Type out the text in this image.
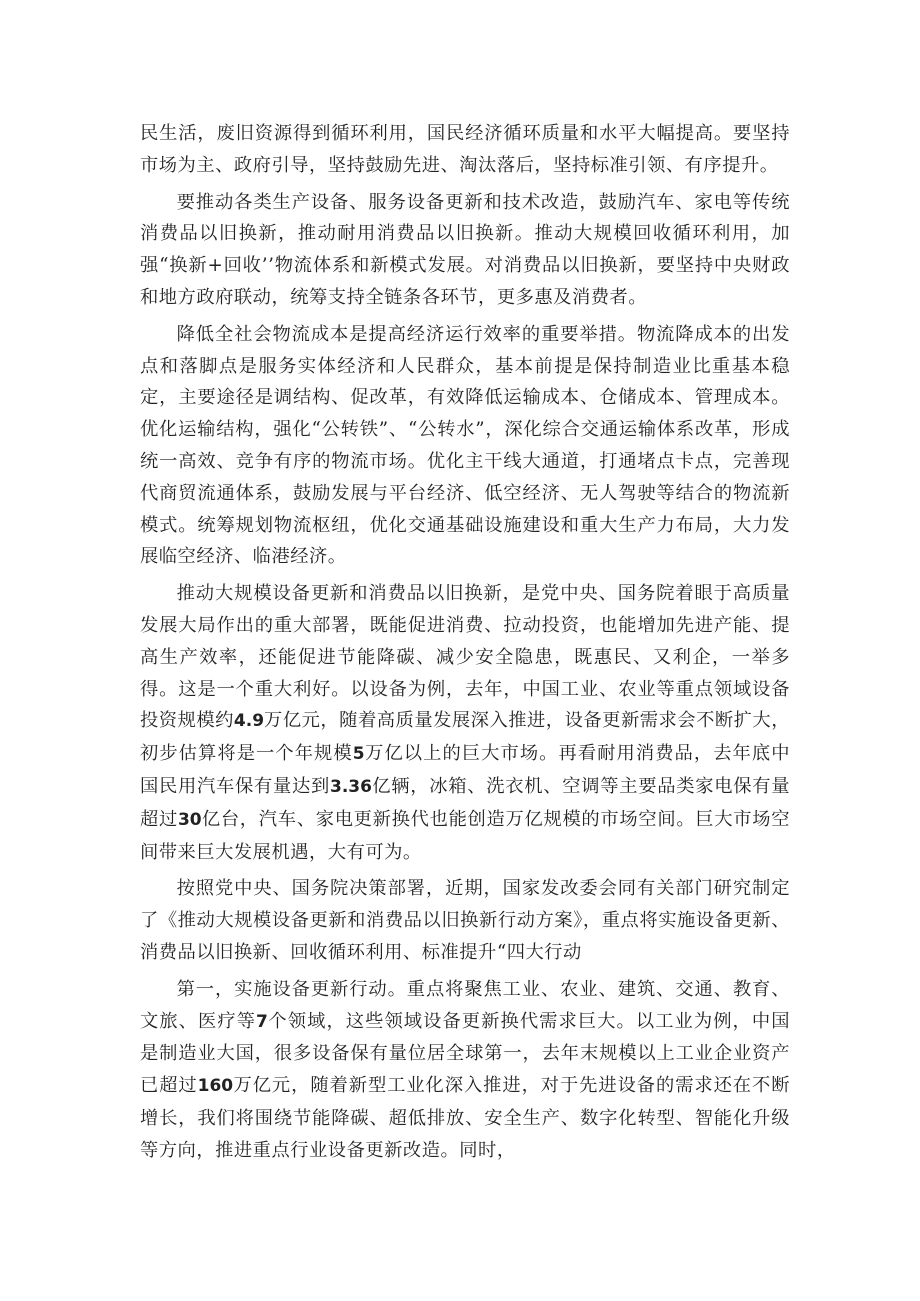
民生活，废旧资源得到循环利用，国民经济循环质量和水平大幅提高。要坚持市场为主、政府引导，坚持鼓励先进、淘汰落后，坚持标准引领、有序提升。

要推动各类生产设备、服务设备更新和技术改造，鼓励汽车、家电等传统消费品以旧换新，推动耐用消费品以旧换新。推动大规模回收循环利用，加强“换新+回收’’物流体系和新模式发展。对消费品以旧换新，要坚持中央财政和地方政府联动，统筹支持全链条各环节，更多惠及消费者。

降低全社会物流成本是提高经济运行效率的重要举措。物流降成本的出发点和落脚点是服务实体经济和人民群众，基本前提是保持制造业比重基本稳定，主要途径是调结构、促改革，有效降低运输成本、仓储成本、管理成本。优化运输结构，强化“公转铁”、“公转水”，深化综合交通运输体系改革，形成统一高效、竞争有序的物流市场。优化主干线大通道，打通堵点卡点，完善现代商贸流通体系，鼓励发展与平台经济、低空经济、无人驾驶等结合的物流新模式。统筹规划物流枢纽，优化交通基础设施建设和重大生产力布局，大力发展临空经济、临港经济。

推动大规模设备更新和消费品以旧换新，是党中央、国务院着眼于高质量发展大局作出的重大部署，既能促进消费、拉动投资，也能增加先进产能、提高生产效率，还能促进节能降碳、减少安全隐患，既惠民、又利企，一举多得。这是一个重大利好。以设备为例，去年，中国工业、农业等重点领域设备投资规模约4.9万亿元，随着高质量发展深入推进，设备更新需求会不断扩大，初步估算将是一个年规模5万亿以上的巨大市场。再看耐用消费品，去年底中国民用汽车保有量达到3.36亿辆，冰箱、洗衣机、空调等主要品类家电保有量超过30亿台，汽车、家电更新换代也能创造万亿规模的市场空间。巨大市场空间带来巨大发展机遇，大有可为。

按照党中央、国务院决策部署，近期，国家发改委会同有关部门研究制定了《推动大规模设备更新和消费品以旧换新行动方案》，重点将实施设备更新、消费品以旧换新、回收循环利用、标准提升“四大行动

第一，实施设备更新行动。重点将聚焦工业、农业、建筑、交通、教育、文旅、医疗等7个领域，这些领域设备更新换代需求巨大。以工业为例，中国是制造业大国，很多设备保有量位居全球第一，去年末规模以上工业企业资产已超过160万亿元，随着新型工业化深入推进，对于先进设备的需求还在不断增长，我们将围绕节能降碳、超低排放、安全生产、数字化转型、智能化升级等方向，推进重点行业设备更新改造。同时，
